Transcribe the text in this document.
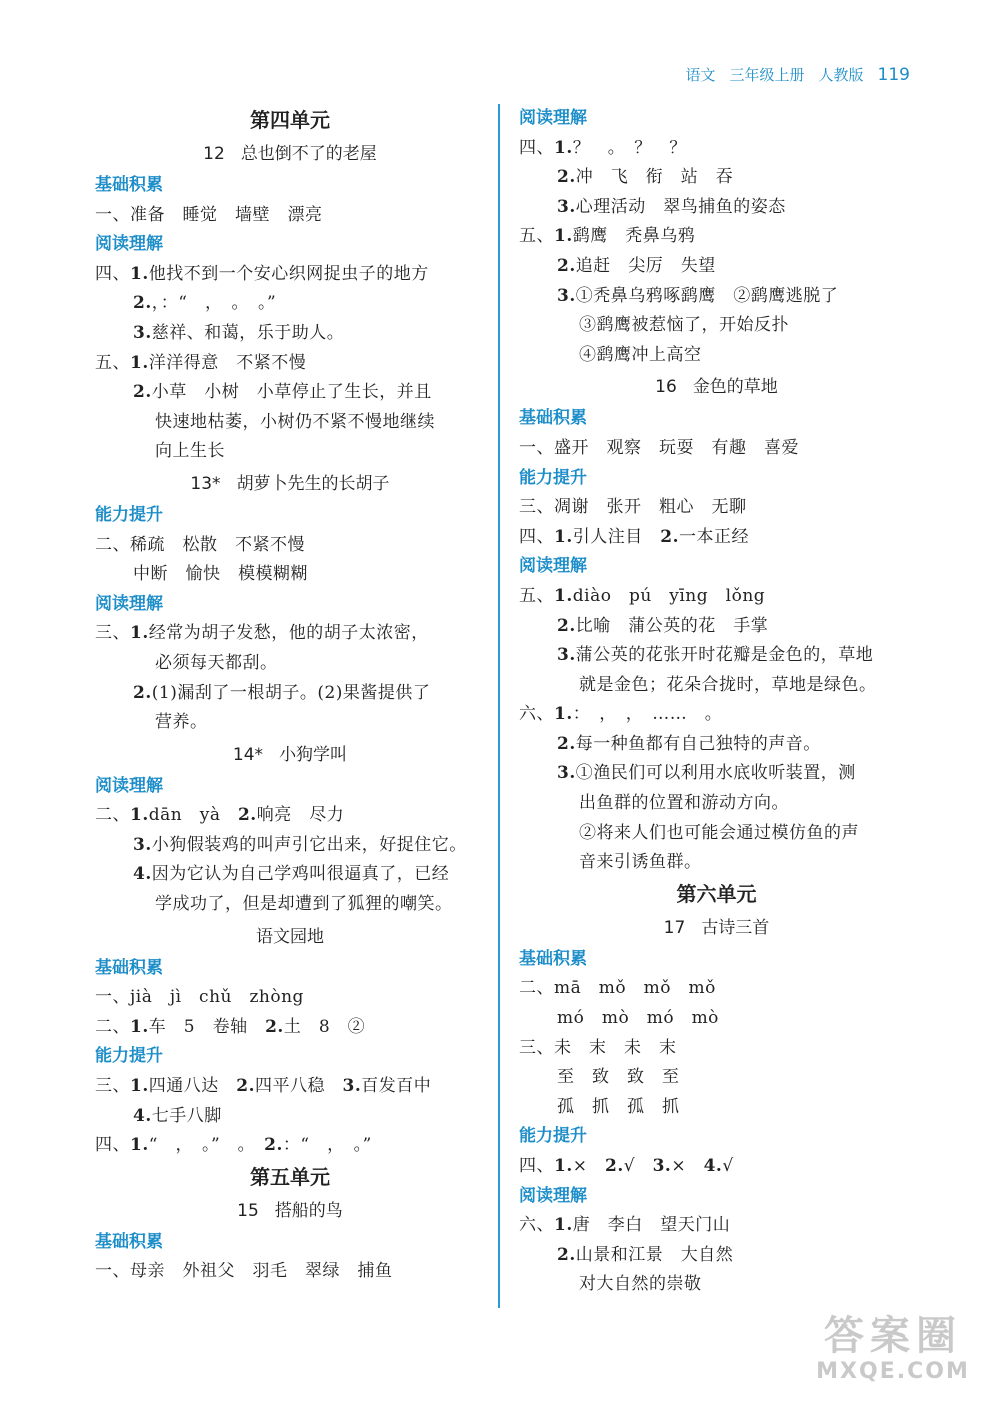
语文 三年级上册 人教版 119
第四单元
12 总也倒不了的老屋
基础积累
一、准备　睡觉　墙壁　漂亮
阅读理解
四、1.他找不到一个安心织网捉虫子的地方
2.，：“　，　。　。”
3.慈祥、和蔼，乐于助人。
五、1.洋洋得意　不紧不慢
2.小草　小树　小草停止了生长，并且
快速地枯萎，小树仍不紧不慢地继续
向上生长
13* 胡萝卜先生的长胡子
能力提升
二、稀疏　松散　不紧不慢
中断　愉快　模模糊糊
阅读理解
三、1.经常为胡子发愁，他的胡子太浓密，
必须每天都刮。
2.(1)漏刮了一根胡子。(2)果酱提供了
营养。
14* 小狗学叫
阅读理解
二、1.dān　yà　2.响亮　尽力
3.小狗假装鸡的叫声引它出来，好捉住它。
4.因为它认为自己学鸡叫很逼真了，已经
学成功了，但是却遭到了狐狸的嘲笑。
语文园地
基础积累
一、jià　jì　chǔ　zhòng
二、1.车　5　卷轴　2.土　8　②
能力提升
三、1.四通八达　2.四平八稳　3.百发百中
4.七手八脚
四、1.“　，　。”　。　2.：“　，　。”
第五单元
15 搭船的鸟
基础积累
一、母亲　外祖父　羽毛　翠绿　捕鱼
阅读理解
四、1.？　。　？　？
2.冲　飞　衔　站　吞
3.心理活动　翠鸟捕鱼的姿态
五、1.鹞鹰　秃鼻乌鸦
2.追赶　尖厉　失望
3.①秃鼻乌鸦啄鹞鹰　②鹞鹰逃脱了
③鹞鹰被惹恼了，开始反扑
④鹞鹰冲上高空
16 金色的草地
基础积累
一、盛开　观察　玩耍　有趣　喜爱
能力提升
三、凋谢　张开　粗心　无聊
四、1.引人注目　2.一本正经
阅读理解
五、1.diào　pú　yīng　lǒng
2.比喻　蒲公英的花　手掌
3.蒲公英的花张开时花瓣是金色的，草地
就是金色；花朵合拢时，草地是绿色。
六、1.：　，　，　……　。
2.每一种鱼都有自己独特的声音。
3.①渔民们可以利用水底收听装置，测
出鱼群的位置和游动方向。
②将来人们也可能会通过模仿鱼的声
音来引诱鱼群。
第六单元
17 古诗三首
基础积累
二、mā　mǒ　mǒ　mǒ
mó　mò　mó　mò
三、未　末　未　末
至　致　致　至
孤　抓　孤　抓
能力提升
四、1.×　2.√　3.×　4.√
阅读理解
六、1.唐　李白　望天门山
2.山景和江景　大自然
对大自然的崇敬
答案圈
MXQE.COM
